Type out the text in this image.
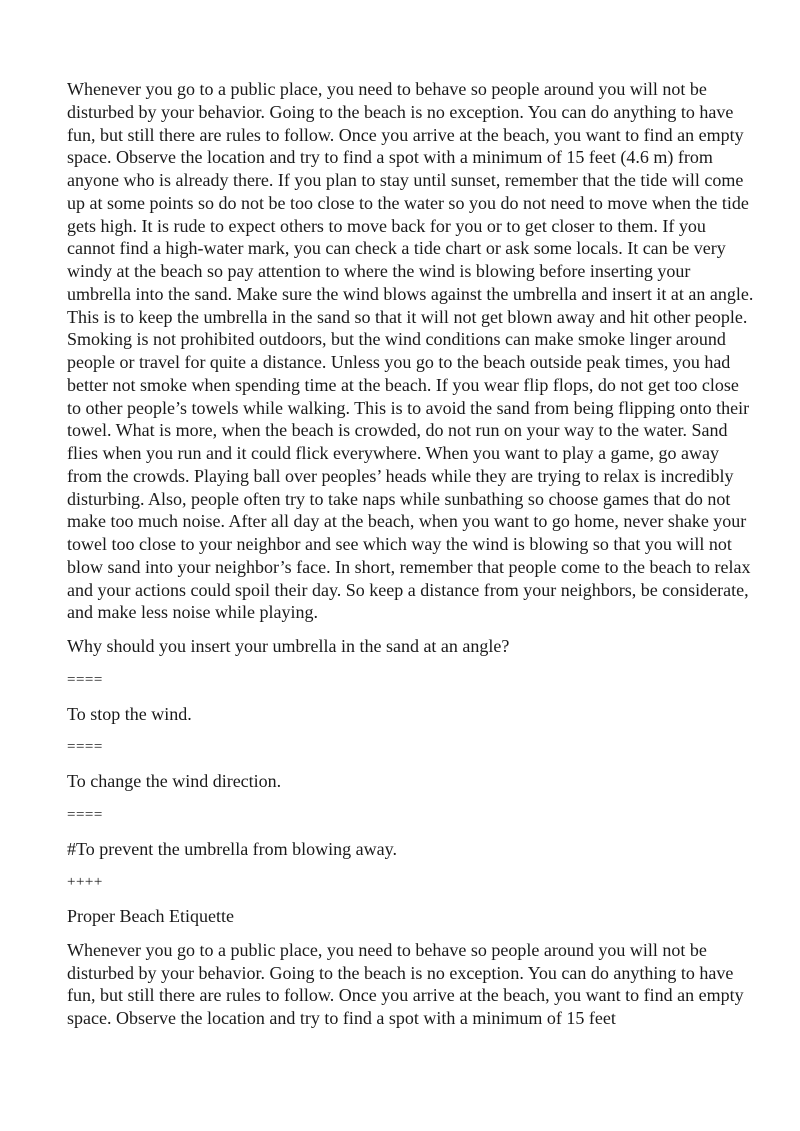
Whenever you go to a public place, you need to behave so people around you will not be disturbed by your behavior. Going to the beach is no exception. You can do anything to have fun, but still there are rules to follow. Once you arrive at the beach, you want to find an empty space. Observe the location and try to find a spot with a minimum of 15 feet (4.6 m) from anyone who is already there. If you plan to stay until sunset, remember that the tide will come up at some points so do not be too close to the water so you do not need to move when the tide gets high. It is rude to expect others to move back for you or to get closer to them. If you cannot find a high-water mark, you can check a tide chart or ask some locals. It can be very windy at the beach so pay attention to where the wind is blowing before inserting your umbrella into the sand. Make sure the wind blows against the umbrella and insert it at an angle. This is to keep the umbrella in the sand so that it will not get blown away and hit other people. Smoking is not prohibited outdoors, but the wind conditions can make smoke linger around people or travel for quite a distance. Unless you go to the beach outside peak times, you had better not smoke when spending time at the beach. If you wear flip flops, do not get too close to other people’s towels while walking. This is to avoid the sand from being flipping onto their towel. What is more, when the beach is crowded, do not run on your way to the water. Sand flies when you run and it could flick everywhere. When you want to play a game, go away from the crowds. Playing ball over peoples’ heads while they are trying to relax is incredibly disturbing. Also, people often try to take naps while sunbathing so choose games that do not make too much noise. After all day at the beach, when you want to go home, never shake your towel too close to your neighbor and see which way the wind is blowing so that you will not blow sand into your neighbor’s face. In short, remember that people come to the beach to relax and your actions could spoil their day. So keep a distance from your neighbors, be considerate, and make less noise while playing.

Why should you insert your umbrella in the sand at an angle?

====

To stop the wind.

====

To change the wind direction.

====

#To prevent the umbrella from blowing away.

++++

Proper Beach Etiquette

Whenever you go to a public place, you need to behave so people around you will not be disturbed by your behavior. Going to the beach is no exception. You can do anything to have fun, but still there are rules to follow. Once you arrive at the beach, you want to find an empty space. Observe the location and try to find a spot with a minimum of 15 feet
